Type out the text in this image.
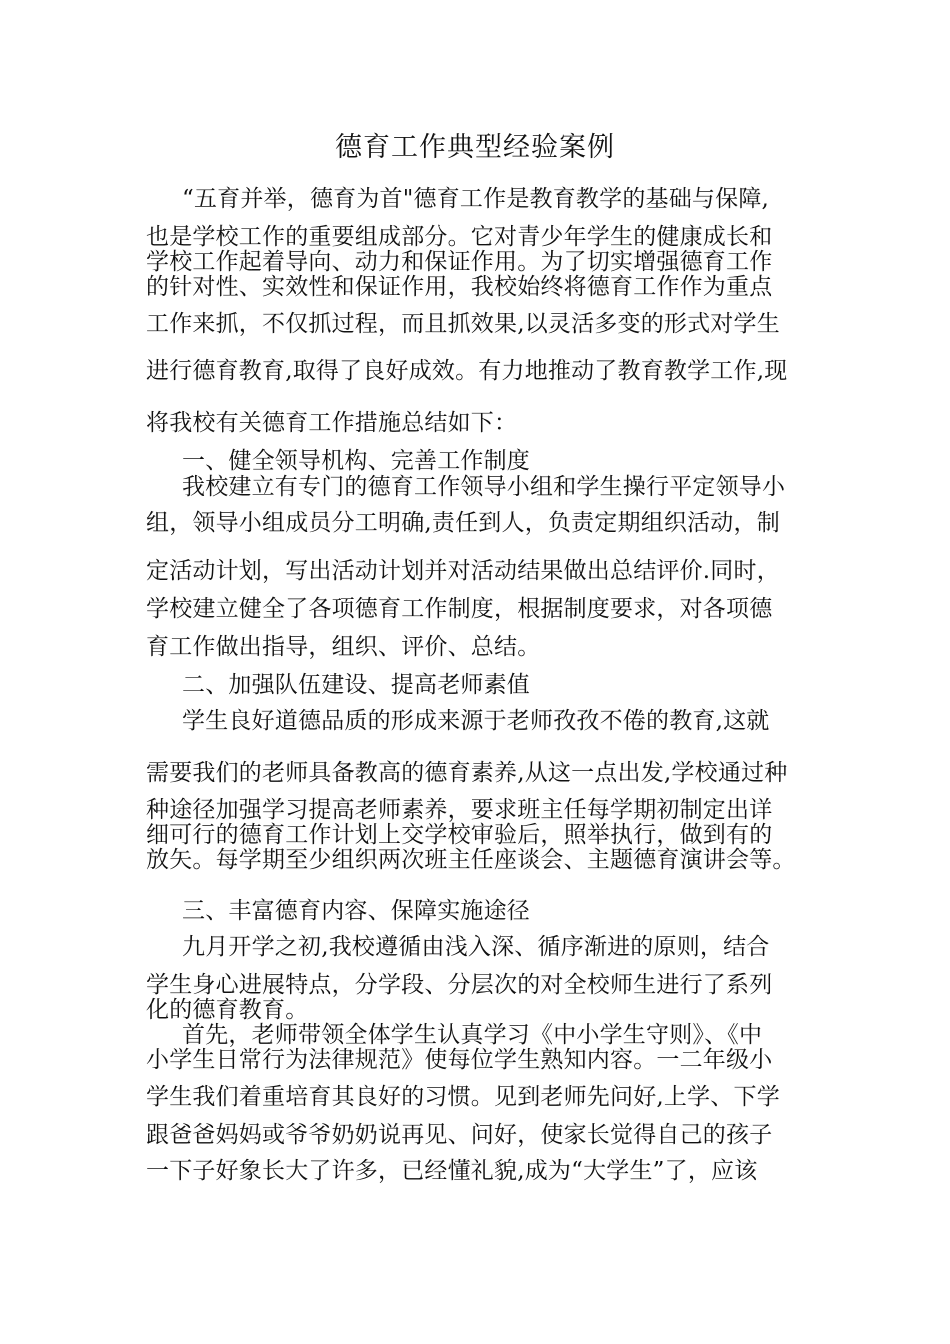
德育工作典型经验案例
“五育并举，德育为首"德育工作是教育教学的基础与保障,
也是学校工作的重要组成部分。它对青少年学生的健康成长和
学校工作起着导向、动力和保证作用。为了切实增强德育工作
的针对性、实效性和保证作用，我校始终将德育工作作为重点
工作来抓，不仅抓过程，而且抓效果,以灵活多变的形式对学生
进行德育教育,取得了良好成效。有力地推动了教育教学工作,现
将我校有关德育工作措施总结如下：
一、健全领导机构、完善工作制度
我校建立有专门的德育工作领导小组和学生操行平定领导小
组，领导小组成员分工明确,责任到人，负责定期组织活动，制
定活动计划，写出活动计划并对活动结果做出总结评价.同时，
学校建立健全了各项德育工作制度，根据制度要求，对各项德
育工作做出指导，组织、评价、总结。
二、加强队伍建设、提高老师素值
学生良好道德品质的形成来源于老师孜孜不倦的教育,这就
需要我们的老师具备教高的德育素养,从这一点出发,学校通过种
种途径加强学习提高老师素养，要求班主任每学期初制定出详
细可行的德育工作计划上交学校审验后，照举执行，做到有的
放矢。每学期至少组织两次班主任座谈会、主题德育演讲会等。
三、丰富德育内容、保障实施途径
九月开学之初,我校遵循由浅入深、循序渐进的原则，结合
学生身心进展特点，分学段、分层次的对全校师生进行了系列
化的德育教育。
首先，老师带领全体学生认真学习《中小学生守则》、《中
小学生日常行为法律规范》使每位学生熟知内容。一二年级小
学生我们着重培育其良好的习惯。见到老师先问好,上学、下学
跟爸爸妈妈或爷爷奶奶说再见、问好，使家长觉得自己的孩子
一下子好象长大了许多，已经懂礼貌,成为“大学生”了，应该
